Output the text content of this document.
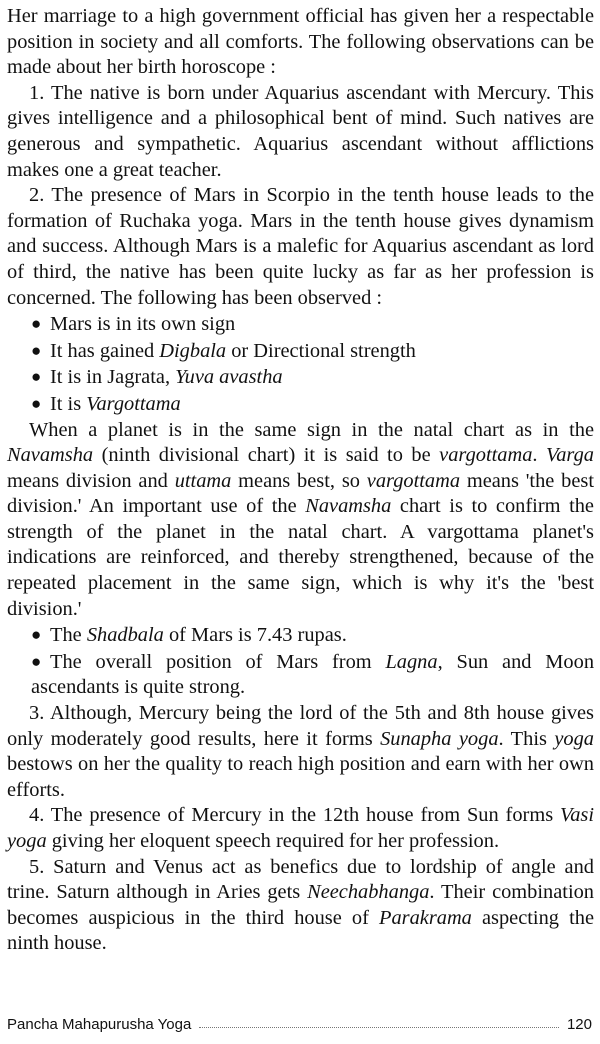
Her marriage to a high government official has given her a respectable position in society and all comforts. The following observations can be made about her birth horoscope :

1. The native is born under Aquarius ascendant with Mercury. This gives intelligence and a philosophical bent of mind. Such natives are generous and sympathetic. Aquarius ascendant without afflictions makes one a great teacher.

2. The presence of Mars in Scorpio in the tenth house leads to the formation of Ruchaka yoga. Mars in the tenth house gives dynamism and success. Although Mars is a malefic for Aquarius ascendant as lord of third, the native has been quite lucky as far as her profession is concerned. The following has been observed :

● Mars is in its own sign

● It has gained Digbala or Directional strength

● It is in Jagrata, Yuva avastha

● It is Vargottama

When a planet is in the same sign in the natal chart as in the Navamsha (ninth divisional chart) it is said to be vargottama. Varga means division and uttama means best, so vargottama means 'the best division.' An important use of the Navamsha chart is to confirm the strength of the planet in the natal chart. A vargottama planet's indications are reinforced, and thereby strengthened, because of the repeated placement in the same sign, which is why it's the 'best division.'

● The Shadbala of Mars is 7.43 rupas.

● The overall position of Mars from Lagna, Sun and Moon ascendants is quite strong.

3. Although, Mercury being the lord of the 5th and 8th house gives only moderately good results, here it forms Sunapha yoga. This yoga bestows on her the quality to reach high position and earn with her own efforts.

4. The presence of Mercury in the 12th house from Sun forms Vasi yoga giving her eloquent speech required for her profession.

5. Saturn and Venus act as benefics due to lordship of angle and trine. Saturn although in Aries gets Neechabhanga. Their combination becomes auspicious in the third house of Parakrama aspecting the ninth house.

Pancha Mahapurusha Yoga	120
